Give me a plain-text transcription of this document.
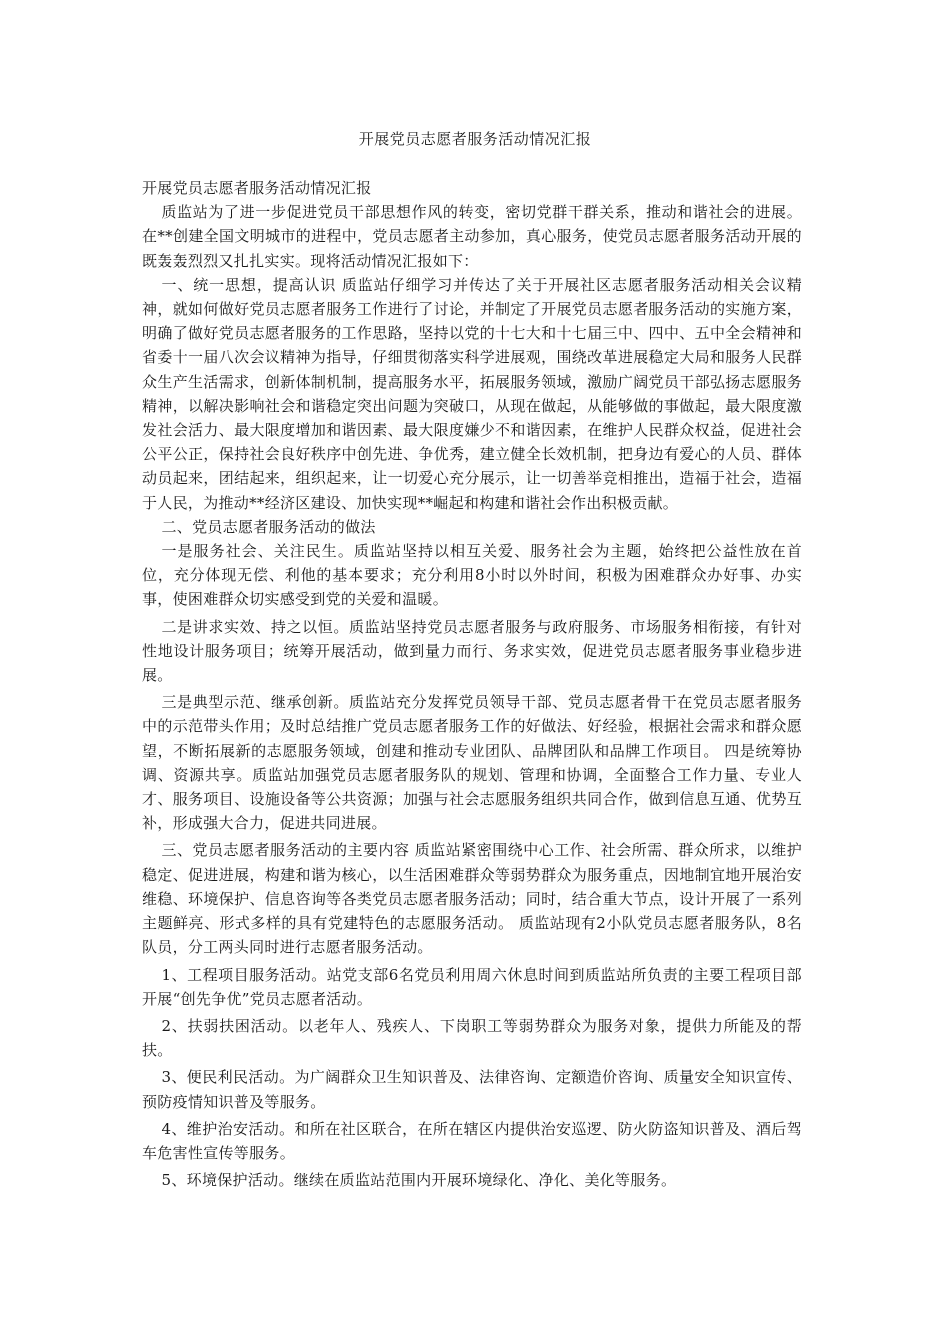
开展党员志愿者服务活动情况汇报

开展党员志愿者服务活动情况汇报

质监站为了进一步促进党员干部思想作风的转变，密切党群干群关系，推动和谐社会的进展。在**创建全国文明城市的进程中，党员志愿者主动参加，真心服务，使党员志愿者服务活动开展的既轰轰烈烈又扎扎实实。现将活动情况汇报如下：

一、统一思想，提高认识 质监站仔细学习并传达了关于开展社区志愿者服务活动相关会议精神，就如何做好党员志愿者服务工作进行了讨论，并制定了开展党员志愿者服务活动的实施方案，明确了做好党员志愿者服务的工作思路，坚持以党的十七大和十七届三中、四中、五中全会精神和省委十一届八次会议精神为指导，仔细贯彻落实科学进展观，围绕改革进展稳定大局和服务人民群众生产生活需求，创新体制机制，提高服务水平，拓展服务领域，激励广阔党员干部弘扬志愿服务精神，以解决影响社会和谐稳定突出问题为突破口，从现在做起，从能够做的事做起，最大限度激发社会活力、最大限度增加和谐因素、最大限度嫌少不和谐因素，在维护人民群众权益，促进社会公平公正，保持社会良好秩序中创先进、争优秀，建立健全长效机制，把身边有爱心的人员、群体动员起来，团结起来，组织起来，让一切爱心充分展示，让一切善举竞相推出，造福于社会，造福于人民，为推动**经济区建设、加快实现**崛起和构建和谐社会作出积极贡献。

二、党员志愿者服务活动的做法

一是服务社会、关注民生。质监站坚持以相互关爱、服务社会为主题，始终把公益性放在首位，充分体现无偿、利他的基本要求；充分利用8小时以外时间，积极为困难群众办好事、办实事，使困难群众切实感受到党的关爱和温暖。

二是讲求实效、持之以恒。质监站坚持党员志愿者服务与政府服务、市场服务相衔接，有针对性地设计服务项目；统筹开展活动，做到量力而行、务求实效，促进党员志愿者服务事业稳步进展。

三是典型示范、继承创新。质监站充分发挥党员领导干部、党员志愿者骨干在党员志愿者服务中的示范带头作用；及时总结推广党员志愿者服务工作的好做法、好经验，根据社会需求和群众愿望，不断拓展新的志愿服务领域，创建和推动专业团队、品牌团队和品牌工作项目。 四是统筹协调、资源共享。质监站加强党员志愿者服务队的规划、管理和协调，全面整合工作力量、专业人才、服务项目、设施设备等公共资源；加强与社会志愿服务组织共同合作，做到信息互通、优势互补，形成强大合力，促进共同进展。

三、党员志愿者服务活动的主要内容 质监站紧密围绕中心工作、社会所需、群众所求，以维护稳定、促进进展，构建和谐为核心，以生活困难群众等弱势群众为服务重点，因地制宜地开展治安维稳、环境保护、信息咨询等各类党员志愿者服务活动；同时，结合重大节点，设计开展了一系列主题鲜亮、形式多样的具有党建特色的志愿服务活动。 质监站现有2小队党员志愿者服务队，8名队员，分工两头同时进行志愿者服务活动。

1、工程项目服务活动。站党支部6名党员利用周六休息时间到质监站所负责的主要工程项目部开展“创先争优”党员志愿者活动。

2、扶弱扶困活动。以老年人、残疾人、下岗职工等弱势群众为服务对象，提供力所能及的帮扶。

3、便民利民活动。为广阔群众卫生知识普及、法律咨询、定额造价咨询、质量安全知识宣传、预防疫情知识普及等服务。

4、维护治安活动。和所在社区联合，在所在辖区内提供治安巡逻、防火防盗知识普及、酒后驾车危害性宣传等服务。

5、环境保护活动。继续在质监站范围内开展环境绿化、净化、美化等服务。
